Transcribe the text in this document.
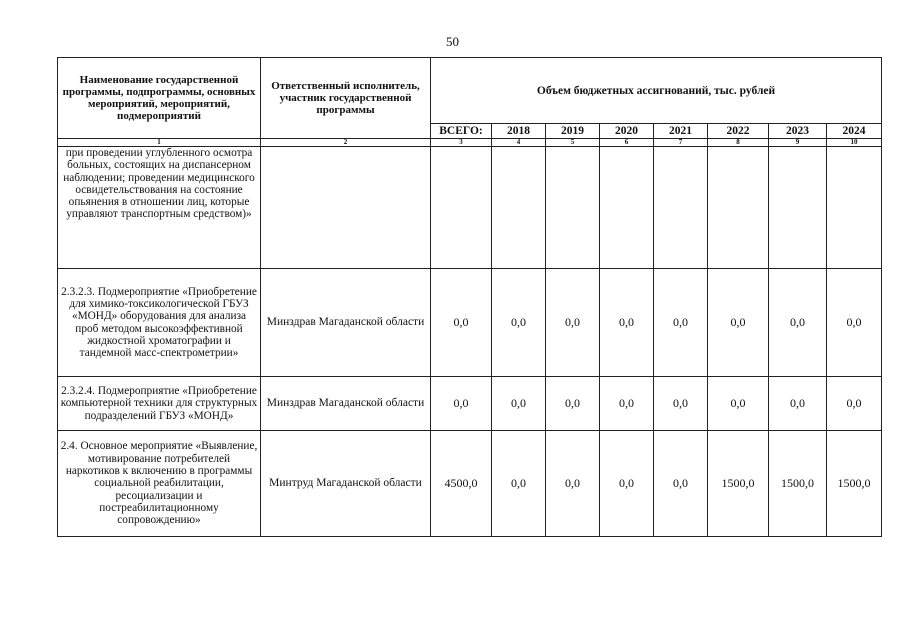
50
Наименование государственной программы, подпрограммы, основных мероприятий, мероприятий, подмероприятий	Ответственный исполнитель, участник государственной программы	Объем бюджетных ассигнований, тыс. рублей							
		ВСЕГО:	2018	2019	2020	2021	2022	2023	2024
1	2	3	4	5	6	7	8	9	10
при проведении углубленного осмотра больных, состоящих на диспансерном наблюдении; проведении медицинского освидетельствования на состояние опьянения в отношении лиц, которые управляют транспортным средством)»									
2.3.2.3. Подмероприятие «Приобретение для химико-токсикологической ГБУЗ «МОНД» оборудования для анализа проб методом высокоэффективной жидкостной хроматографии и тандемной масс-спектрометрии»	Минздрав Магаданской области	0,0	0,0	0,0	0,0	0,0	0,0	0,0	0,0
2.3.2.4. Подмероприятие «Приобретение компьютерной техники для структурных подразделений ГБУЗ «МОНД»	Минздрав Магаданской области	0,0	0,0	0,0	0,0	0,0	0,0	0,0	0,0
2.4. Основное мероприятие «Выявление, мотивирование потребителей наркотиков к включению в программы социальной реабилитации, ресоциализации и постреабилитационному сопровождению»	Минтруд Магаданской области	4500,0	0,0	0,0	0,0	0,0	1500,0	1500,0	1500,0
